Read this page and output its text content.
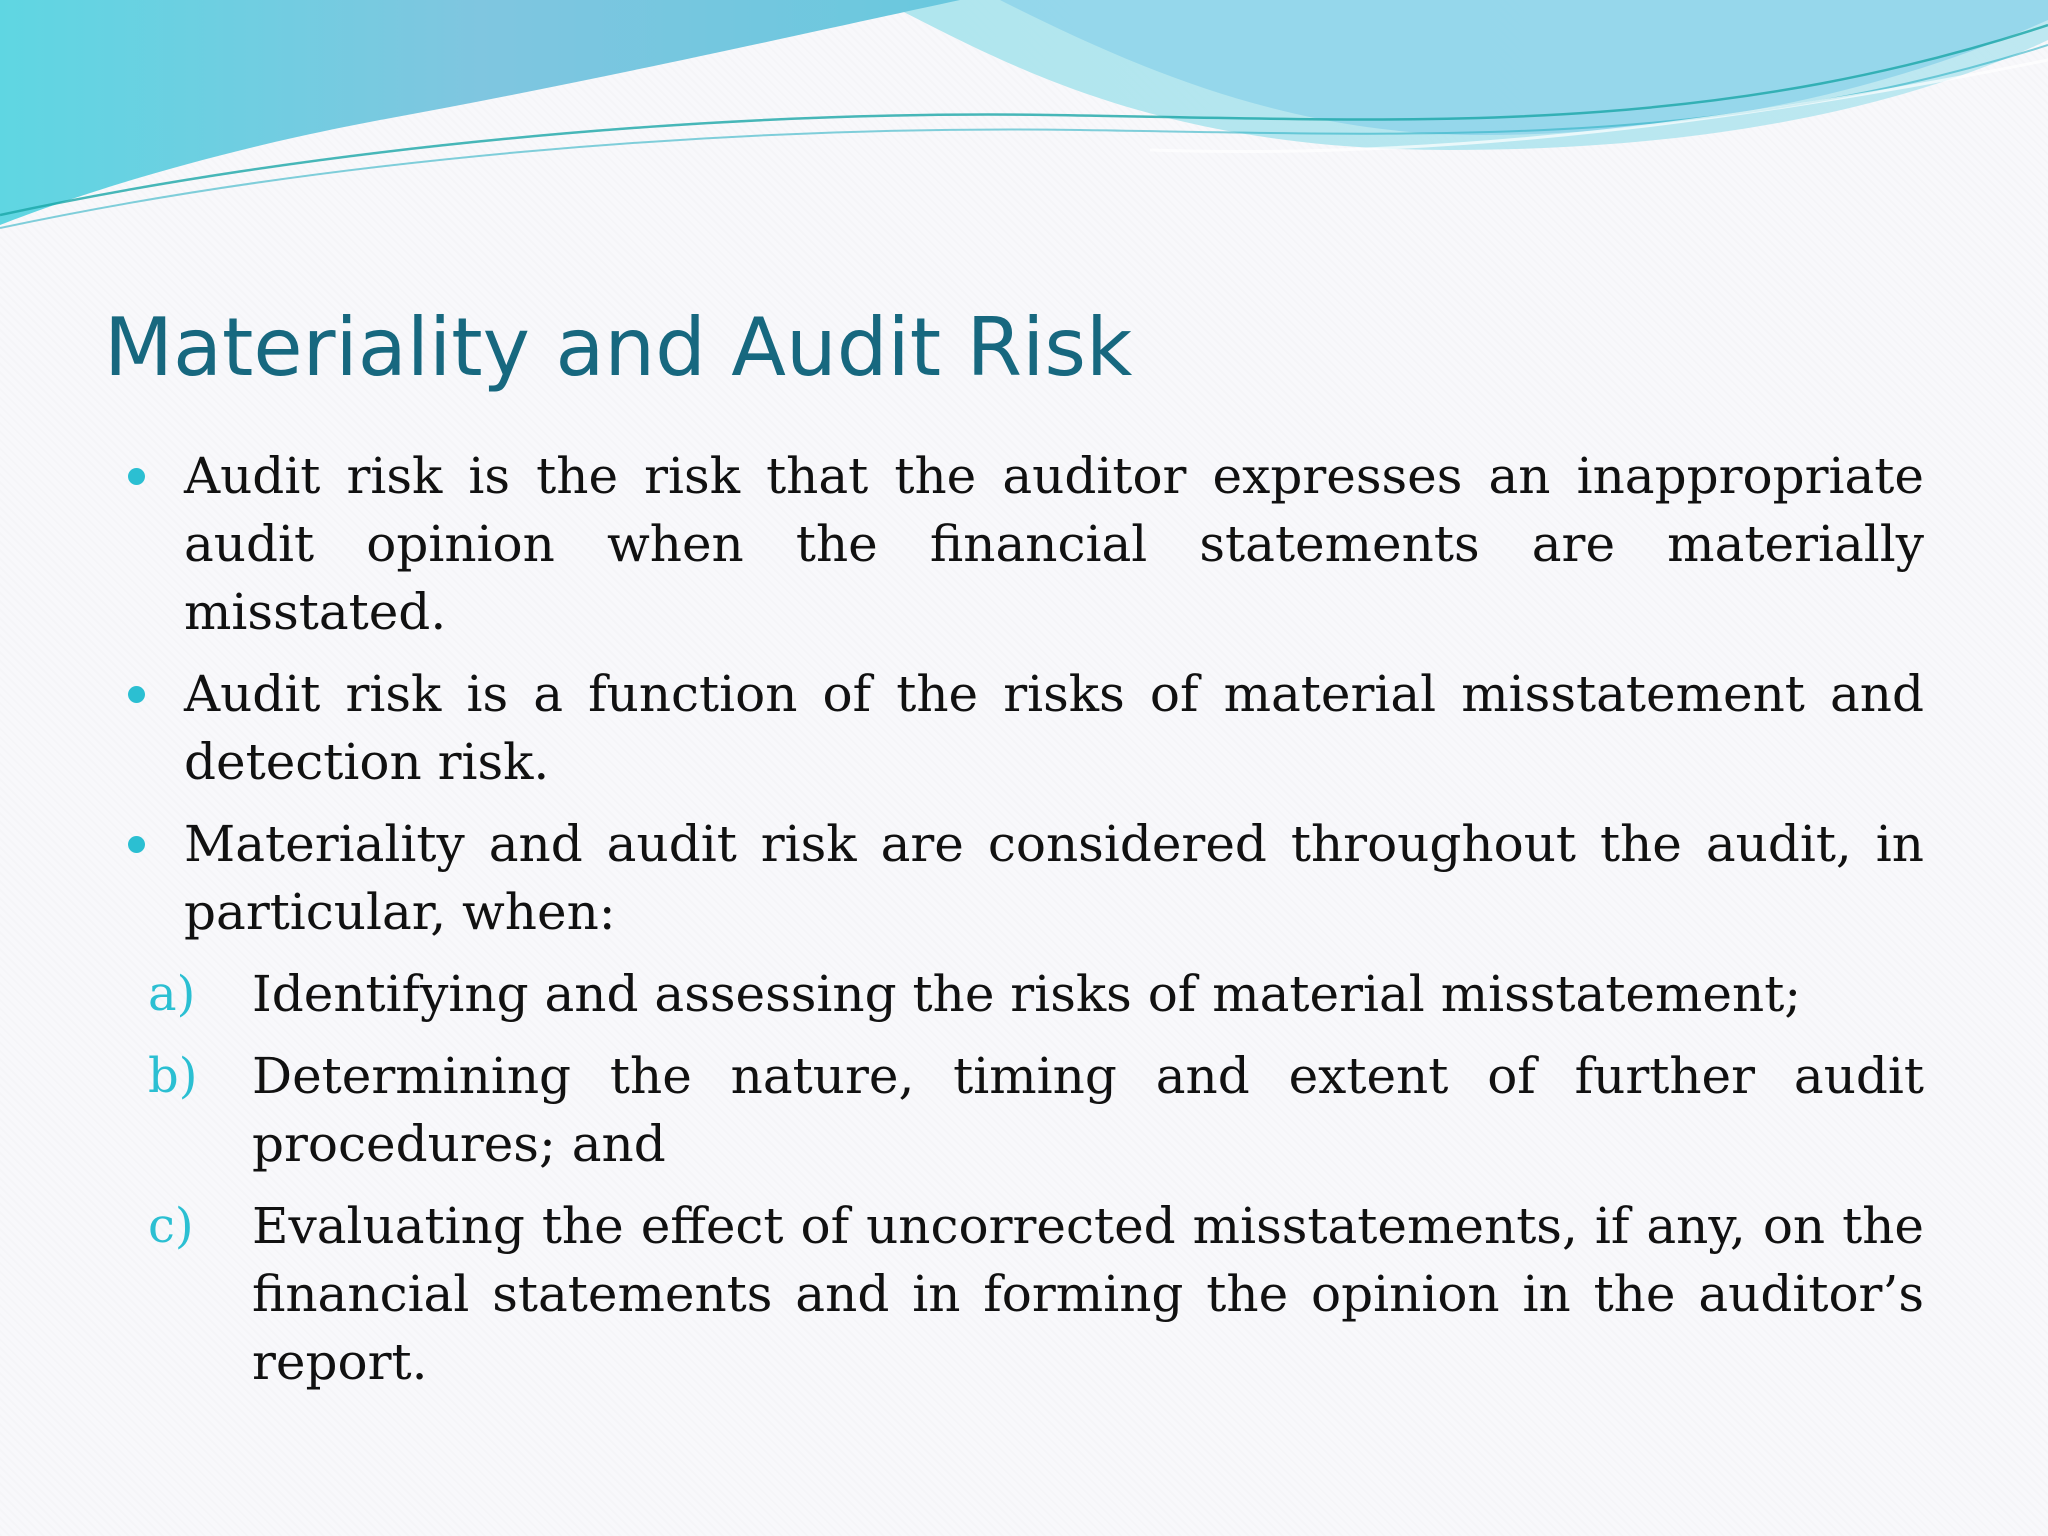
Materiality and Audit Risk
Audit risk is the risk that the auditor expresses an inappropriate audit opinion when the financial statements are materially misstated.
Audit risk is a function of the risks of material misstatement and detection risk.
Materiality and audit risk are considered throughout the audit, in particular, when:
a) Identifying and assessing the risks of material misstatement;
b) Determining the nature, timing and extent of further audit procedures; and
c) Evaluating the effect of uncorrected misstatements, if any, on the financial statements and in forming the opinion in the auditor’s report.
